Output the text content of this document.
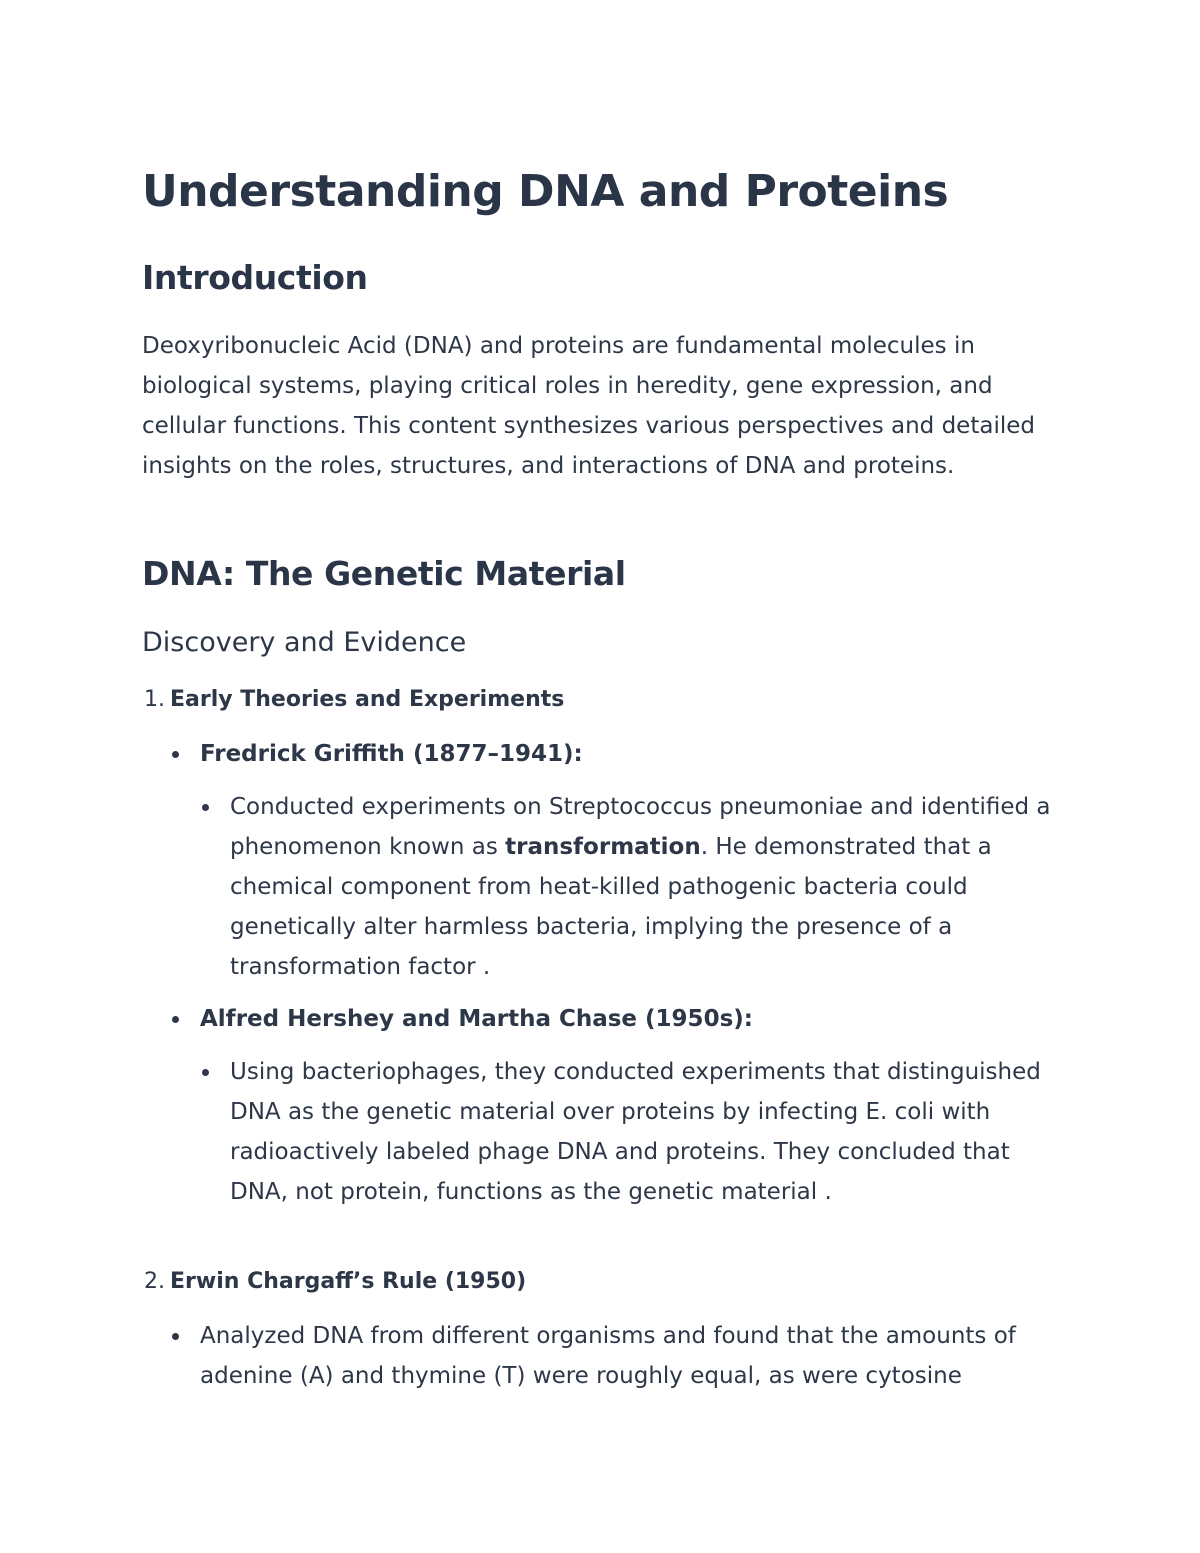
Understanding DNA and Proteins
Introduction

Deoxyribonucleic Acid (DNA) and proteins are fundamental molecules in biological systems, playing critical roles in heredity, gene expression, and cellular functions. This content synthesizes various perspectives and detailed insights on the roles, structures, and interactions of DNA and proteins.

DNA: The Genetic Material
Discovery and Evidence
1. Early Theories and Experiments
Fredrick Griffith (1877–1941):
Conducted experiments on Streptococcus pneumoniae and identified a phenomenon known as transformation. He demonstrated that a chemical component from heat-killed pathogenic bacteria could genetically alter harmless bacteria, implying the presence of a transformation factor .
Alfred Hershey and Martha Chase (1950s):
Using bacteriophages, they conducted experiments that distinguished DNA as the genetic material over proteins by infecting E. coli with radioactively labeled phage DNA and proteins. They concluded that DNA, not protein, functions as the genetic material .
2. Erwin Chargaff’s Rule (1950)
Analyzed DNA from different organisms and found that the amounts of adenine (A) and thymine (T) were roughly equal, as were cytosine
